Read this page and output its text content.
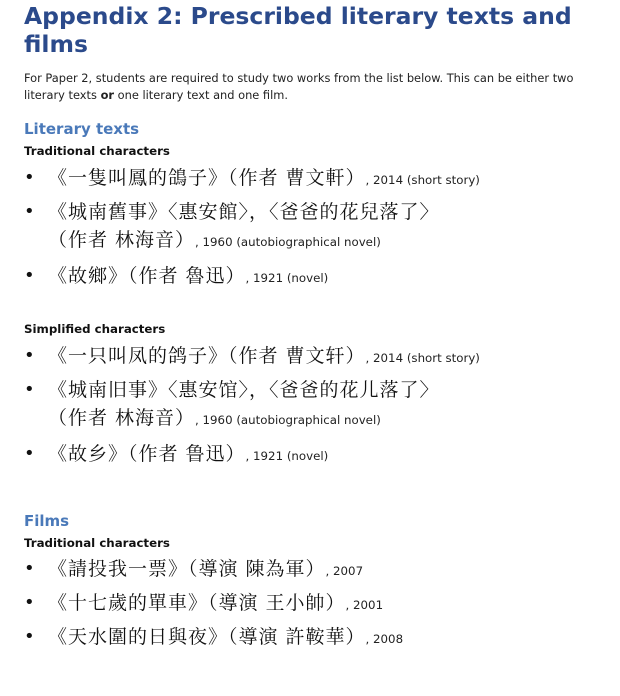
Appendix 2: Prescribed literary texts and films

For Paper 2, students are required to study two works from the list below. This can be either two literary texts or one literary text and one film.

Literary texts
Traditional characters
• 《一隻叫鳳的鴿子》（作者 曹文軒）, 2014 (short story)
• 《城南舊事》〈惠安館〉，〈爸爸的花兒落了〉
（作者 林海音）, 1960 (autobiographical novel)
• 《故鄉》（作者 魯迅）, 1921 (novel)
Simplified characters
• 《一只叫凤的鸽子》（作者 曹文轩）, 2014 (short story)
• 《城南旧事》〈惠安馆〉，〈爸爸的花儿落了〉
（作者 林海音）, 1960 (autobiographical novel)
• 《故乡》（作者 鲁迅）, 1921 (novel)
Films
Traditional characters
• 《請投我一票》（導演 陳為軍）, 2007
• 《十七歲的單車》（導演 王小帥）, 2001
• 《天水圍的日與夜》（導演 許鞍華）, 2008
